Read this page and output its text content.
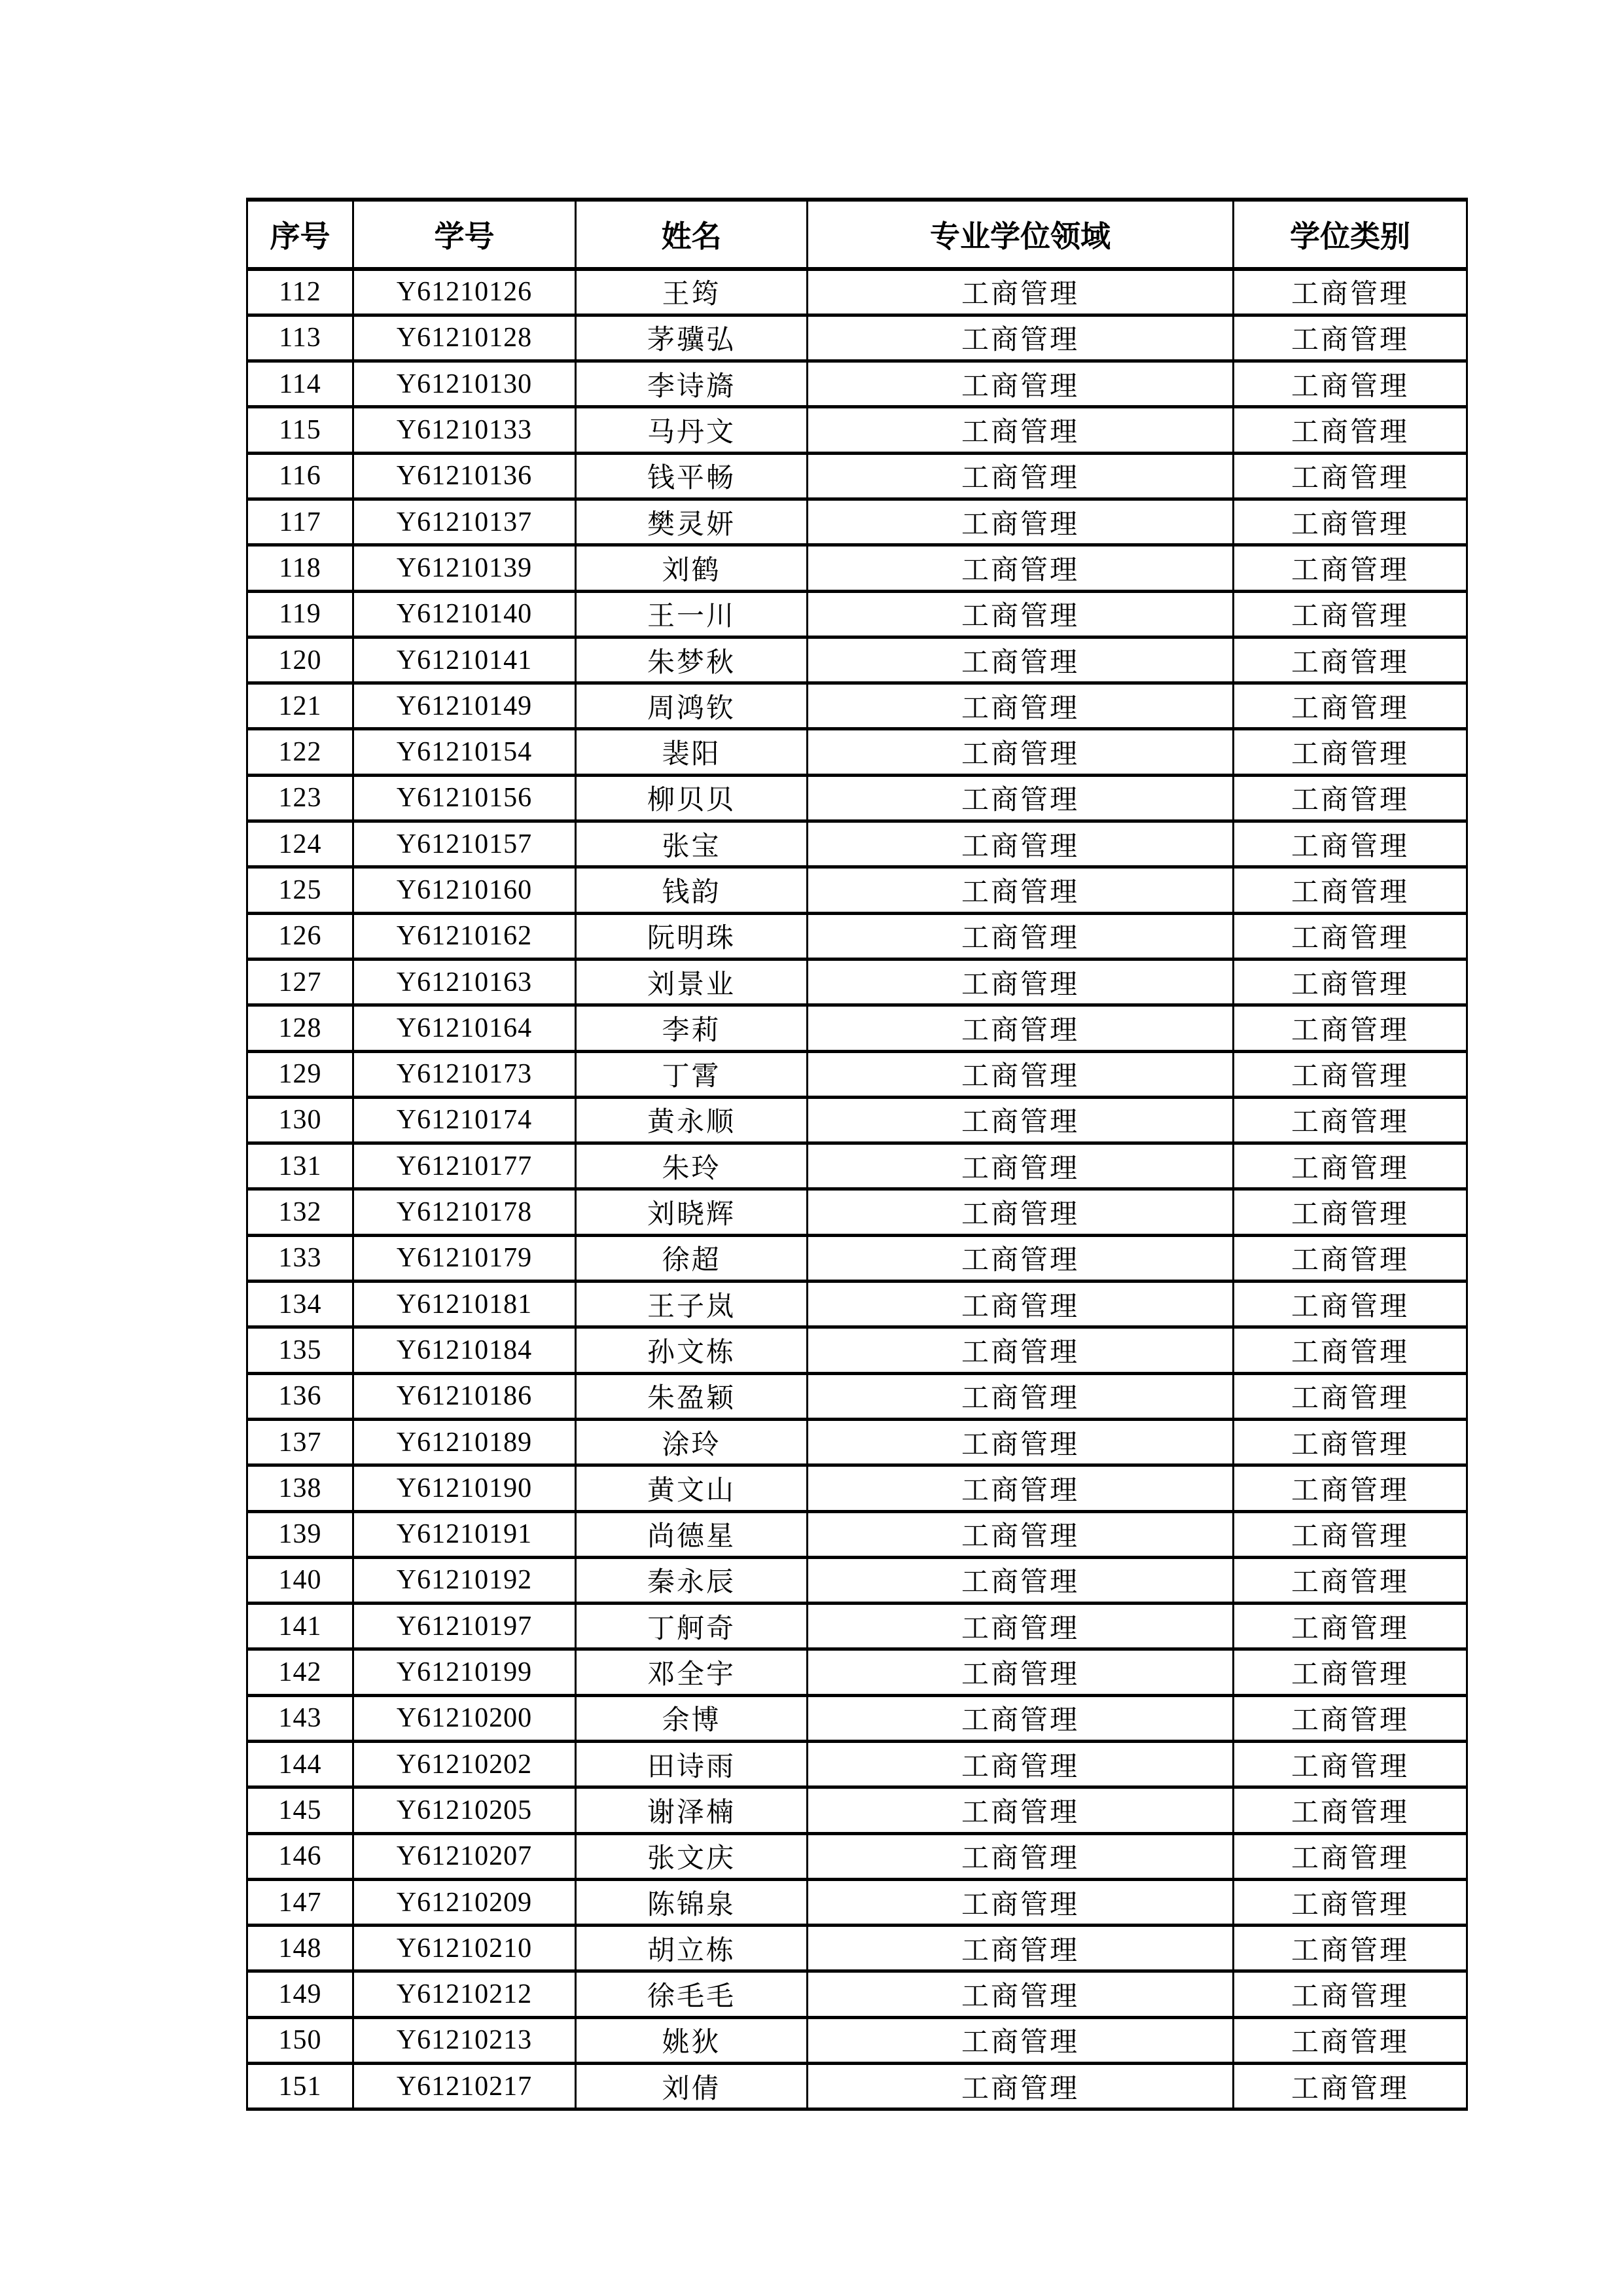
序号	学号	姓名	专业学位领域	学位类别
112	Y61210126	王筠	工商管理	工商管理
113	Y61210128	茅骥弘	工商管理	工商管理
114	Y61210130	李诗旖	工商管理	工商管理
115	Y61210133	马丹文	工商管理	工商管理
116	Y61210136	钱平畅	工商管理	工商管理
117	Y61210137	樊灵妍	工商管理	工商管理
118	Y61210139	刘鹤	工商管理	工商管理
119	Y61210140	王一川	工商管理	工商管理
120	Y61210141	朱梦秋	工商管理	工商管理
121	Y61210149	周鸿钦	工商管理	工商管理
122	Y61210154	裴阳	工商管理	工商管理
123	Y61210156	柳贝贝	工商管理	工商管理
124	Y61210157	张宝	工商管理	工商管理
125	Y61210160	钱韵	工商管理	工商管理
126	Y61210162	阮明珠	工商管理	工商管理
127	Y61210163	刘景业	工商管理	工商管理
128	Y61210164	李莉	工商管理	工商管理
129	Y61210173	丁霄	工商管理	工商管理
130	Y61210174	黄永顺	工商管理	工商管理
131	Y61210177	朱玲	工商管理	工商管理
132	Y61210178	刘晓辉	工商管理	工商管理
133	Y61210179	徐超	工商管理	工商管理
134	Y61210181	王子岚	工商管理	工商管理
135	Y61210184	孙文栋	工商管理	工商管理
136	Y61210186	朱盈颖	工商管理	工商管理
137	Y61210189	涂玲	工商管理	工商管理
138	Y61210190	黄文山	工商管理	工商管理
139	Y61210191	尚德星	工商管理	工商管理
140	Y61210192	秦永辰	工商管理	工商管理
141	Y61210197	丁舸奇	工商管理	工商管理
142	Y61210199	邓全宇	工商管理	工商管理
143	Y61210200	余博	工商管理	工商管理
144	Y61210202	田诗雨	工商管理	工商管理
145	Y61210205	谢泽楠	工商管理	工商管理
146	Y61210207	张文庆	工商管理	工商管理
147	Y61210209	陈锦泉	工商管理	工商管理
148	Y61210210	胡立栋	工商管理	工商管理
149	Y61210212	徐毛毛	工商管理	工商管理
150	Y61210213	姚狄	工商管理	工商管理
151	Y61210217	刘倩	工商管理	工商管理
